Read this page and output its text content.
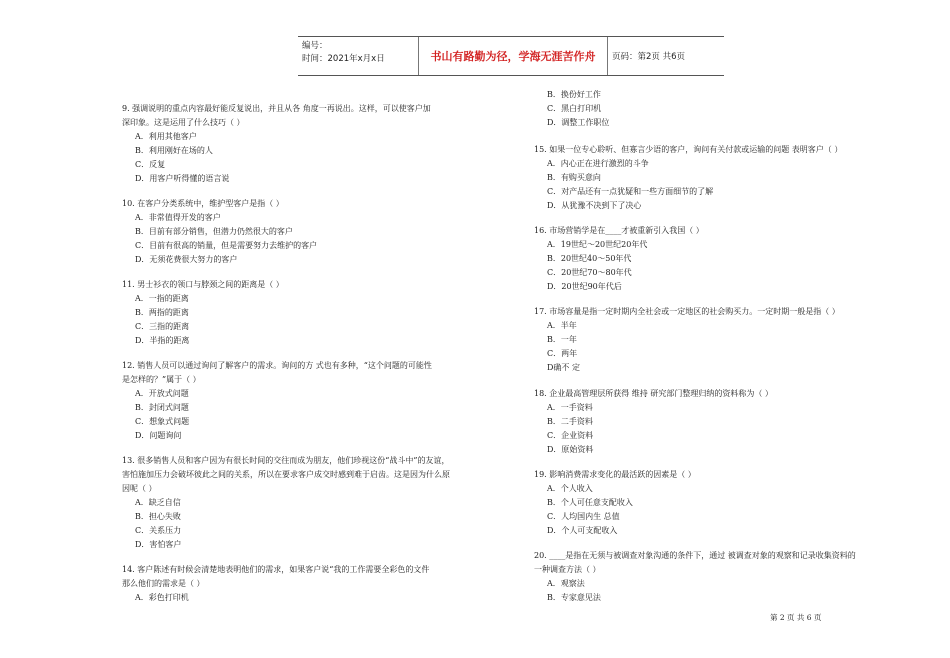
编号：
时间：2021年x月x日	书山有路勤为径，学海无涯苦作舟	页码：第2页 共6页
9. 强调说明的重点内容最好能反复说出，并且从各 角度一再说出。这样，可以使客户加
深印象。这是运用了什么技巧（ ）
A．利用其他客户
B．利用刚好在场的人
C．反复
D．用客户听得懂的语言说
10. 在客户分类系统中，维护型客户是指（ ）
A．非常值得开发的客户
B．目前有部分销售，但潜力仍然很大的客户
C．目前有很高的销量，但是需要努力去维护的客户
D．无须花费很大努力的客户
11. 男士衫衣的领口与脖颈之间的距离是（ ）
A．一指的距离
B．两指的距离
C．三指的距离
D．半指的距离
12. 销售人员可以通过询问了解客户的需求。询问的方 式也有多种，“这个问题的可能性
是怎样的？”属于（ ）
A．开放式问题
B．封闭式问题
C．想象式问题
D．问题询问
13. 很多销售人员和客户因为有很长时间的交往而成为朋友，他们珍视这份“战斗中”的友谊，
害怕施加压力会破坏彼此之间的关系，所以在要求客户成交时感到难于启齿。这是因为什么原
因呢（ ）
A．缺乏自信
B．担心失败
C．关系压力
D．害怕客户
14. 客户陈述有时候会清楚地表明他们的需求，如果客户说“我的工作需要全彩色的文件
那么他们的需求是（ ）
A．彩色打印机
B．换份好工作
C．黑白打印机
D．调整工作职位
15. 如果一位专心聆听、但寡言少语的客户，询问有关付款或运输的问题 表明客户（ ）
A．内心正在进行激烈的斗争
B．有购买意向
C．对产品还有一点犹疑和一些方面细节的了解
D．从犹豫不决到下了决心
16. 市场营销学是在____才被重新引入我国（ ）
A．19世纪～20世纪20年代
B．20世纪40～50年代
C．20世纪70～80年代
D．20世纪90年代后
17. 市场容量是指一定时期内全社会或一定地区的社会购买力。一定时期一般是指（ ）
A．半年
B．一年
C．两年
D确不 定
18. 企业最高管理层所获得 维持 研究部门整理归纳的资料称为（ ）
A．一手资料
B．二手资料
C．企业资料
D．原始资料
19. 影响消费需求变化的最活跃的因素是（ ）
A．个人收入
B．个人可任意支配收入
C．人均国内生 总值
D．个人可支配收入
20. ____是指在无须与被调查对象沟通的条件下，通过 被调查对象的观察和记录收集资料的
一种调查方法（ ）
A．观察法
B．专家意见法
第 2 页 共 6 页
